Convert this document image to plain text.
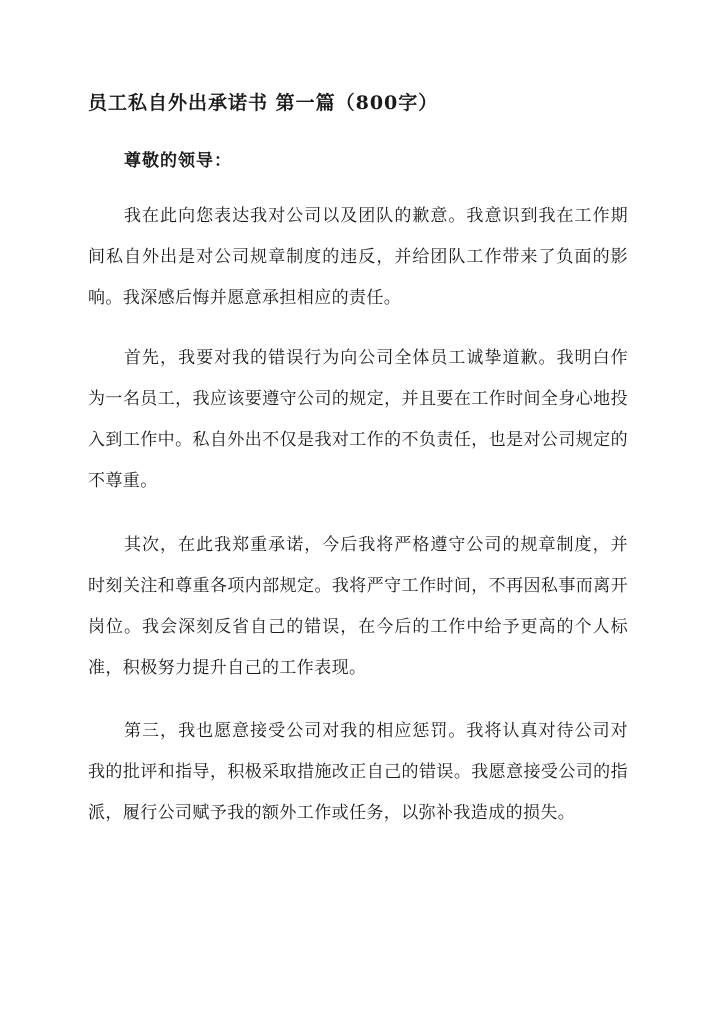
员工私自外出承诺书 第一篇（800字）
尊敬的领导：

我在此向您表达我对公司以及团队的歉意。我意识到我在工作期间私自外出是对公司规章制度的违反，并给团队工作带来了负面的影响。我深感后悔并愿意承担相应的责任。

首先，我要对我的错误行为向公司全体员工诚挚道歉。我明白作为一名员工，我应该要遵守公司的规定，并且要在工作时间全身心地投入到工作中。私自外出不仅是我对工作的不负责任，也是对公司规定的不尊重。

其次，在此我郑重承诺，今后我将严格遵守公司的规章制度，并时刻关注和尊重各项内部规定。我将严守工作时间，不再因私事而离开岗位。我会深刻反省自己的错误，在今后的工作中给予更高的个人标准，积极努力提升自己的工作表现。

第三，我也愿意接受公司对我的相应惩罚。我将认真对待公司对我的批评和指导，积极采取措施改正自己的错误。我愿意接受公司的指派，履行公司赋予我的额外工作或任务，以弥补我造成的损失。
